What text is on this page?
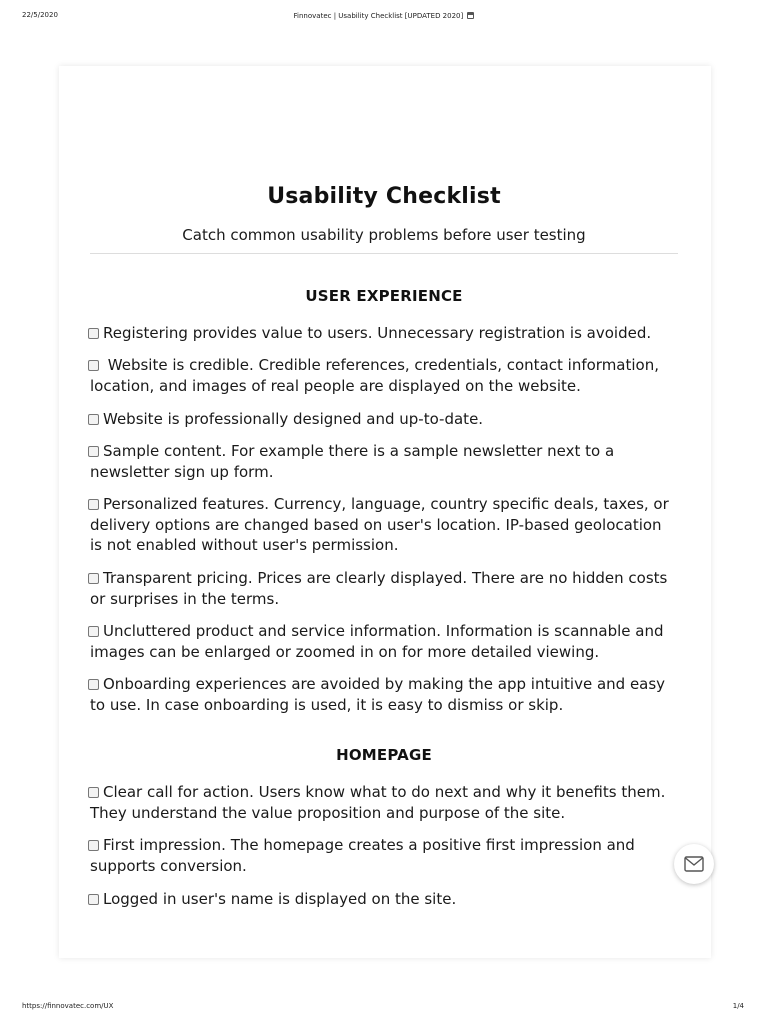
22/5/2020	Finnovatec | Usability Checklist [UPDATED 2020]
Usability Checklist
Catch common usability problems before user testing
USER EXPERIENCE
Registering provides value to users. Unnecessary registration is avoided.
Website is credible. Credible references, credentials, contact information, location, and images of real people are displayed on the website.
Website is professionally designed and up-to-date.
Sample content. For example there is a sample newsletter next to a newsletter sign up form.
Personalized features. Currency, language, country specific deals, taxes, or delivery options are changed based on user's location. IP-based geolocation is not enabled without user's permission.
Transparent pricing. Prices are clearly displayed. There are no hidden costs or surprises in the terms.
Uncluttered product and service information. Information is scannable and images can be enlarged or zoomed in on for more detailed viewing.
Onboarding experiences are avoided by making the app intuitive and easy to use. In case onboarding is used, it is easy to dismiss or skip.
HOMEPAGE
Clear call for action. Users know what to do next and why it benefits them. They understand the value proposition and purpose of the site.
First impression. The homepage creates a positive first impression and supports conversion.
Logged in user's name is displayed on the site.
https://finnovatec.com/UX	1/4
